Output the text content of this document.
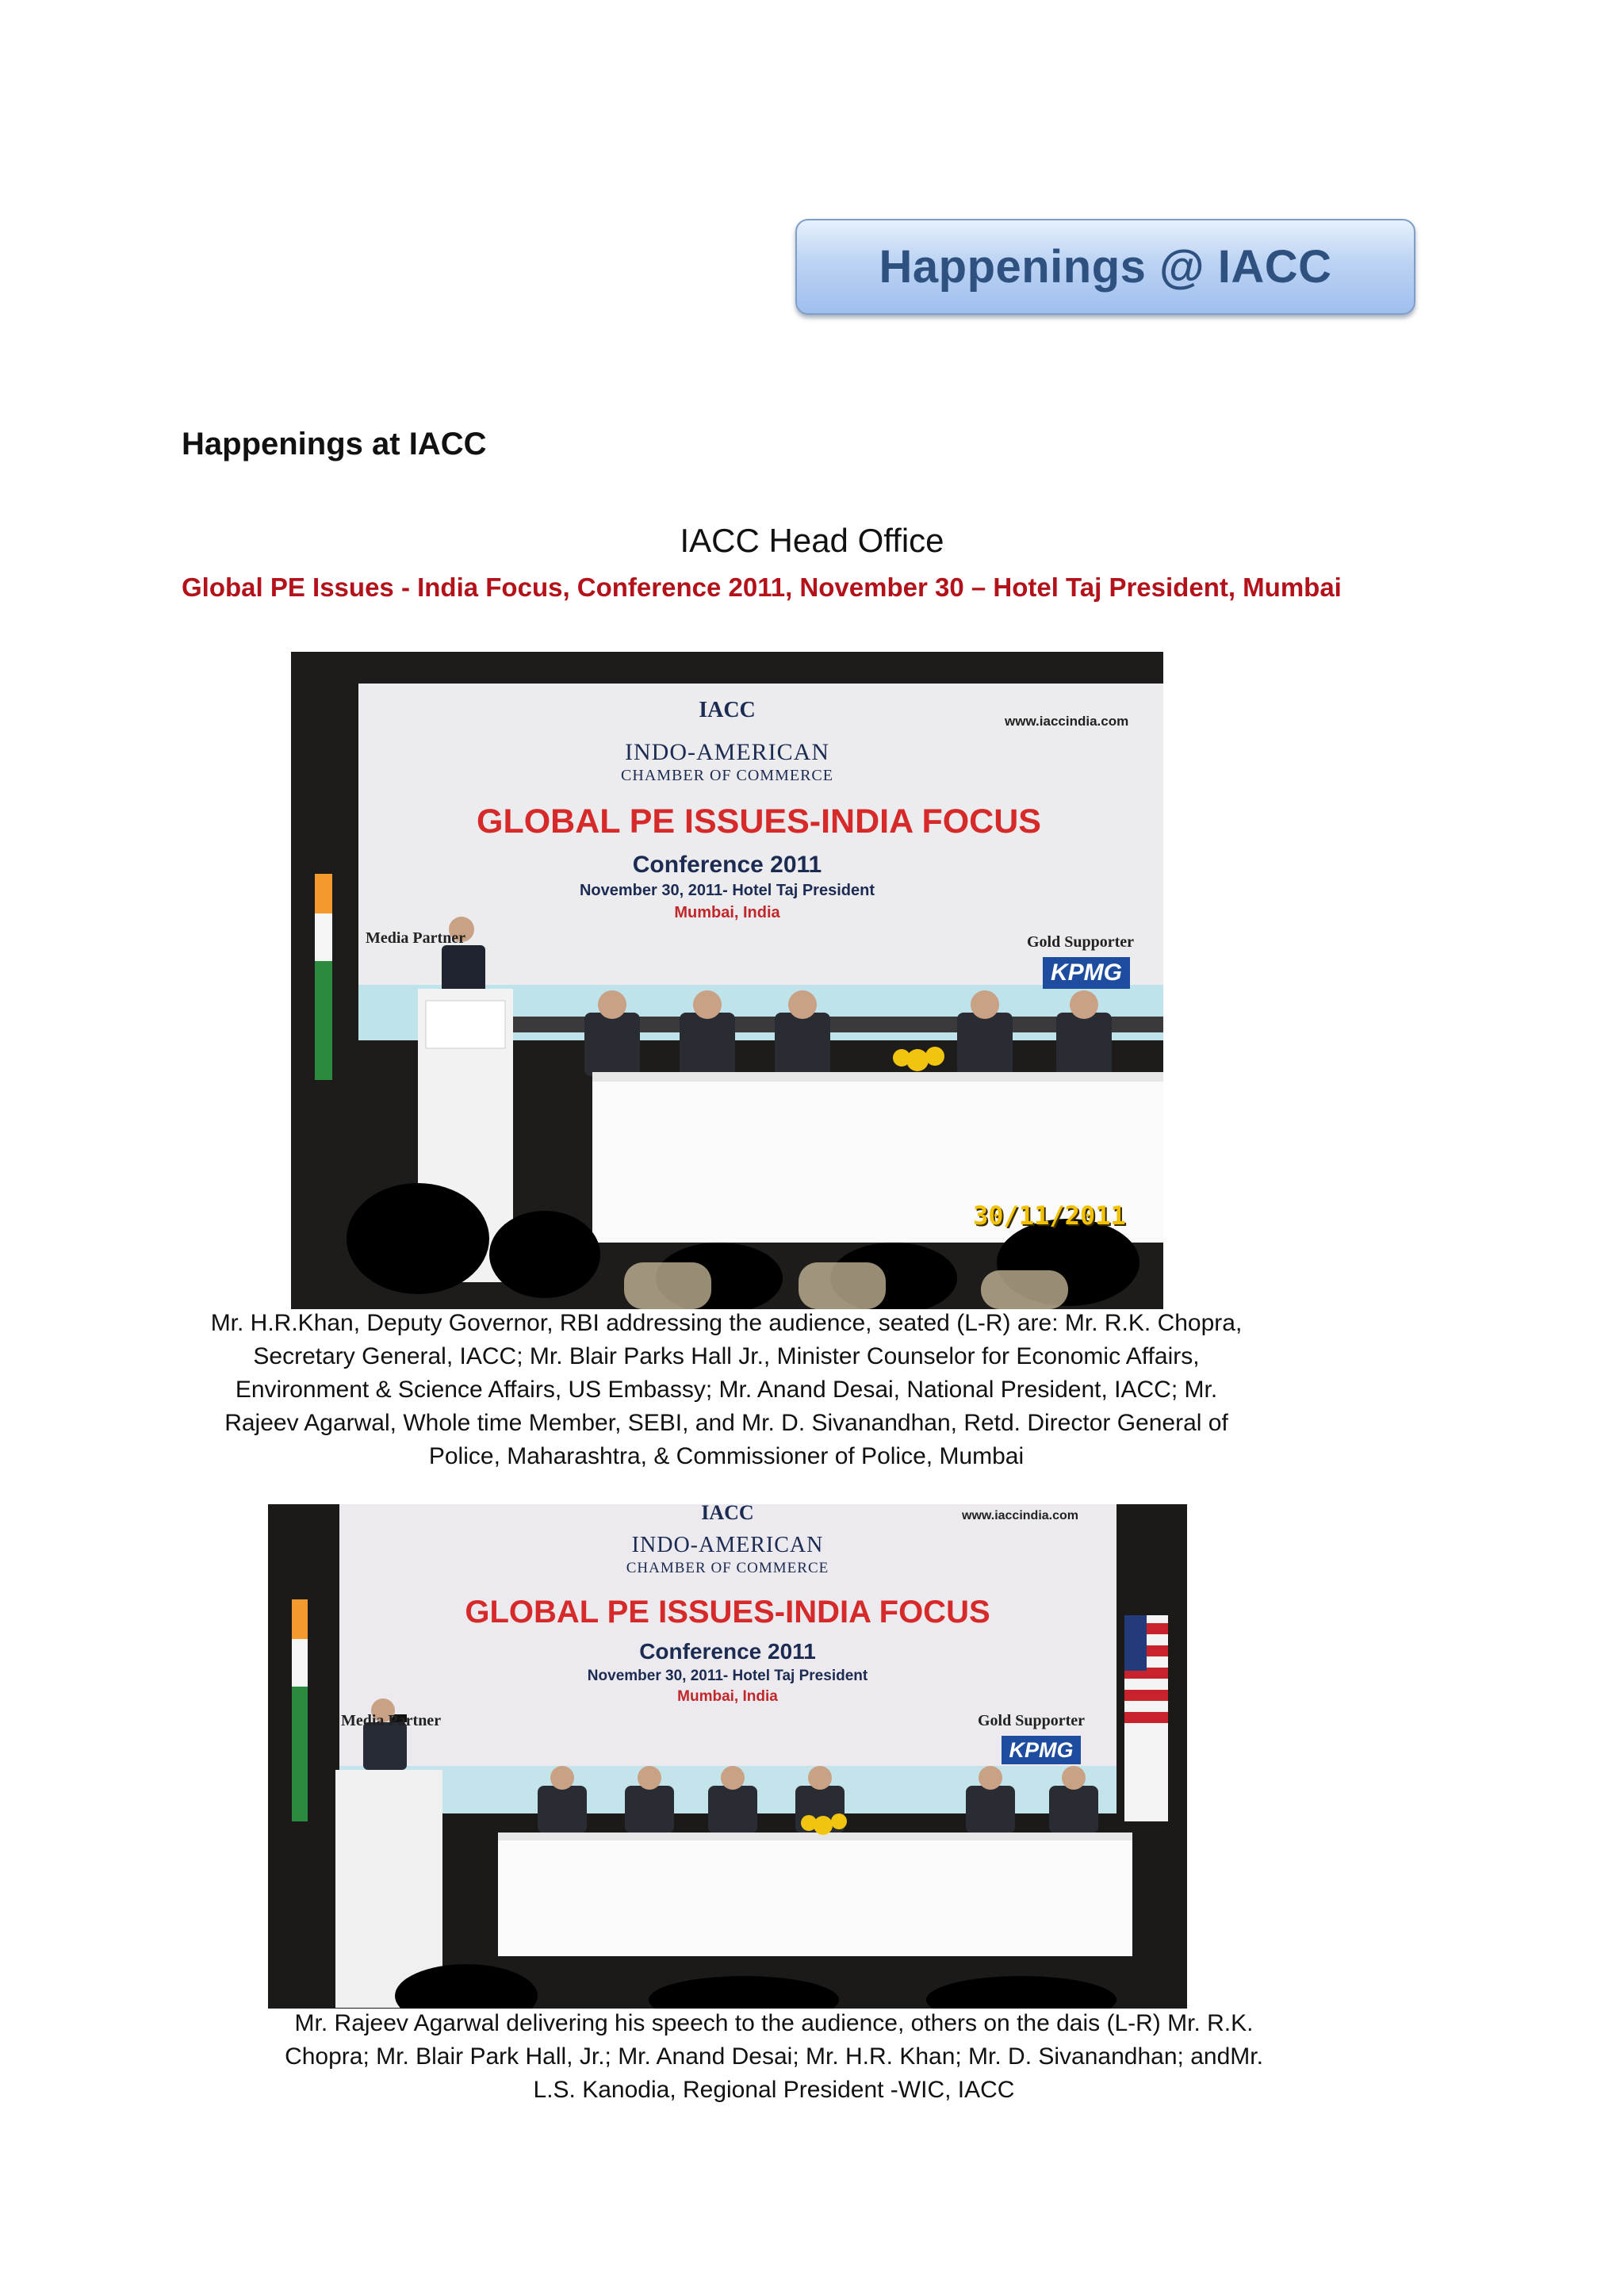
Happenings @ IACC
Happenings at IACC
IACC Head Office
Global PE Issues - India Focus, Conference 2011, November 30 – Hotel Taj President, Mumbai
IACC
INDO-AMERICAN
CHAMBER OF COMMERCE
GLOBAL PE ISSUES-INDIA FOCUS
Conference 2011
November 30, 2011- Hotel Taj President
Mumbai, India
www.iaccindia.com
Media Partner	Gold Supporter
KPMG
30/11/2011
Mr. H.R.Khan, Deputy Governor, RBI addressing the audience, seated (L-R) are: Mr. R.K. Chopra, Secretary General, IACC; Mr. Blair Parks Hall Jr., Minister Counselor for Economic Affairs, Environment & Science Affairs, US Embassy; Mr. Anand Desai, National President, IACC; Mr. Rajeev Agarwal, Whole time Member, SEBI, and Mr. D. Sivanandhan, Retd. Director General of Police, Maharashtra, & Commissioner of Police, Mumbai
IACC
INDO-AMERICAN
CHAMBER OF COMMERCE
GLOBAL PE ISSUES-INDIA FOCUS
Conference 2011
November 30, 2011- Hotel Taj President
Mumbai, India
www.iaccindia.com
Media Partner	Gold Supporter
KPMG
Mr. Rajeev Agarwal delivering his speech to the audience, others on the dais (L-R) Mr. R.K. Chopra; Mr. Blair Park Hall, Jr.; Mr. Anand Desai; Mr. H.R. Khan; Mr. D. Sivanandhan; andMr. L.S. Kanodia, Regional President -WIC, IACC
